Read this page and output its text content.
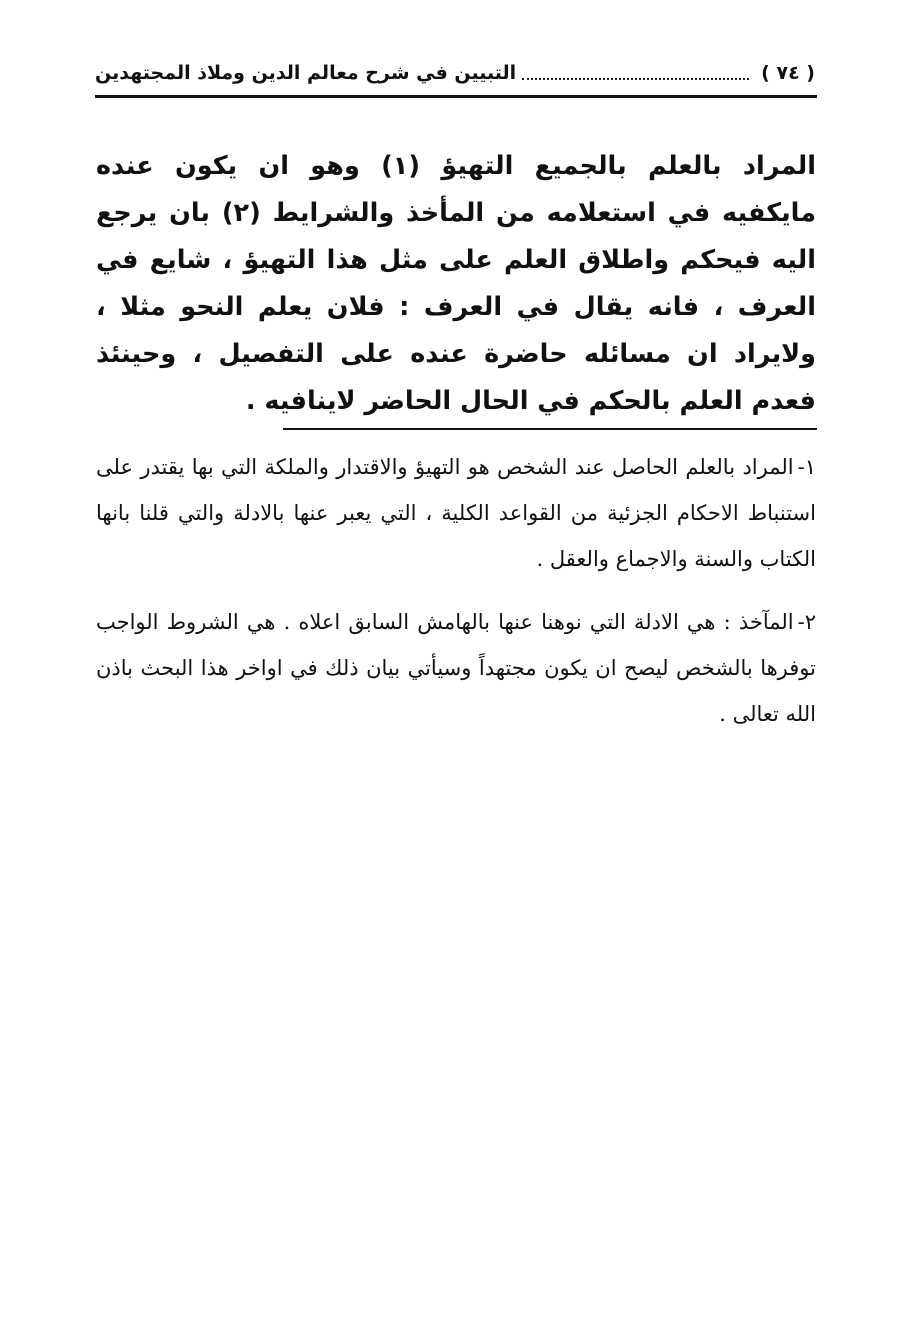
( ٧٤ )
التبيين في شرح معالم الدين وملاذ المجتهدين

المراد بالعلم بالجميع التهيؤ (١) وهو ان يكون عنده مايكفيه في استعلامه من المأخذ والشرايط (٢) بان يرجع اليه فيحكم واطلاق العلم على مثل هذا التهيؤ ، شايع في العرف ، فانه يقال في العرف : فلان يعلم النحو مثلا ، ولايراد ان مسائله حاضرة عنده على التفصيل ، وحينئذ فعدم العلم بالحكم في الحال الحاضر لاينافيه .

١-المراد بالعلم الحاصل عند الشخص هو التهيؤ والاقتدار والملكة التي بها يقتدر على استنباط الاحكام الجزئية من القواعد الكلية ، التي يعبر عنها بالادلة والتي قلنا بانها الكتاب والسنة والاجماع والعقل .

٢-المآخذ : هي الادلة التي نوهنا عنها بالهامش السابق اعلاه . هي الشروط الواجب توفرها بالشخص ليصح ان يكون مجتهداً وسيأتي بيان ذلك في اواخر هذا البحث باذن الله تعالى .
